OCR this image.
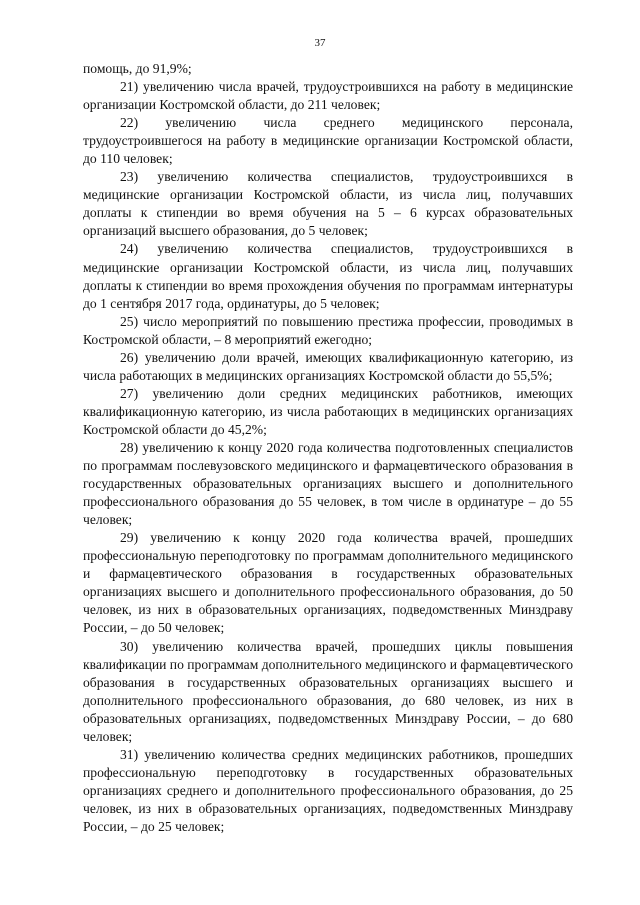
37

помощь, до 91,9%;

21) увеличению числа врачей, трудоустроившихся на работу в медицинские организации Костромской области, до 211 человек;

22) увеличению числа среднего медицинского персонала, трудоустроившегося на работу в медицинские организации Костромской области, до 110 человек;

23) увеличению количества специалистов, трудоустроившихся в медицинские организации Костромской области, из числа лиц, получавших доплаты к стипендии во время обучения на 5 – 6 курсах образовательных организаций высшего образования, до 5 человек;

24) увеличению количества специалистов, трудоустроившихся в медицинские организации Костромской области, из числа лиц, получавших доплаты к стипендии во время прохождения обучения по программам интернатуры до 1 сентября 2017 года, ординатуры, до 5 человек;

25) число мероприятий по повышению престижа профессии, проводимых в Костромской области, – 8 мероприятий ежегодно;

26) увеличению доли врачей, имеющих квалификационную категорию, из числа работающих в медицинских организациях Костромской области до 55,5%;

27) увеличению доли средних медицинских работников, имеющих квалификационную категорию, из числа работающих в медицинских организациях Костромской области до 45,2%;

28) увеличению к концу 2020 года количества подготовленных специалистов по программам послевузовского медицинского и фармацевтического образования в государственных образовательных организациях высшего и дополнительного профессионального образования до 55 человек, в том числе в ординатуре – до 55 человек;

29) увеличению к концу 2020 года количества врачей, прошедших профессиональную переподготовку по программам дополнительного медицинского и фармацевтического образования в государственных образовательных организациях высшего и дополнительного профессионального образования, до 50 человек, из них в образовательных организациях, подведомственных Минздраву России, – до 50 человек;

30) увеличению количества врачей, прошедших циклы повышения квалификации по программам дополнительного медицинского и фармацевтического образования в государственных образовательных организациях высшего и дополнительного профессионального образования, до 680 человек, из них в образовательных организациях, подведомственных Минздраву России, – до 680 человек;

31) увеличению количества средних медицинских работников, прошедших профессиональную переподготовку в государственных образовательных организациях среднего и дополнительного профессионального образования, до 25 человек, из них в образовательных организациях, подведомственных Минздраву России, – до 25 человек;
